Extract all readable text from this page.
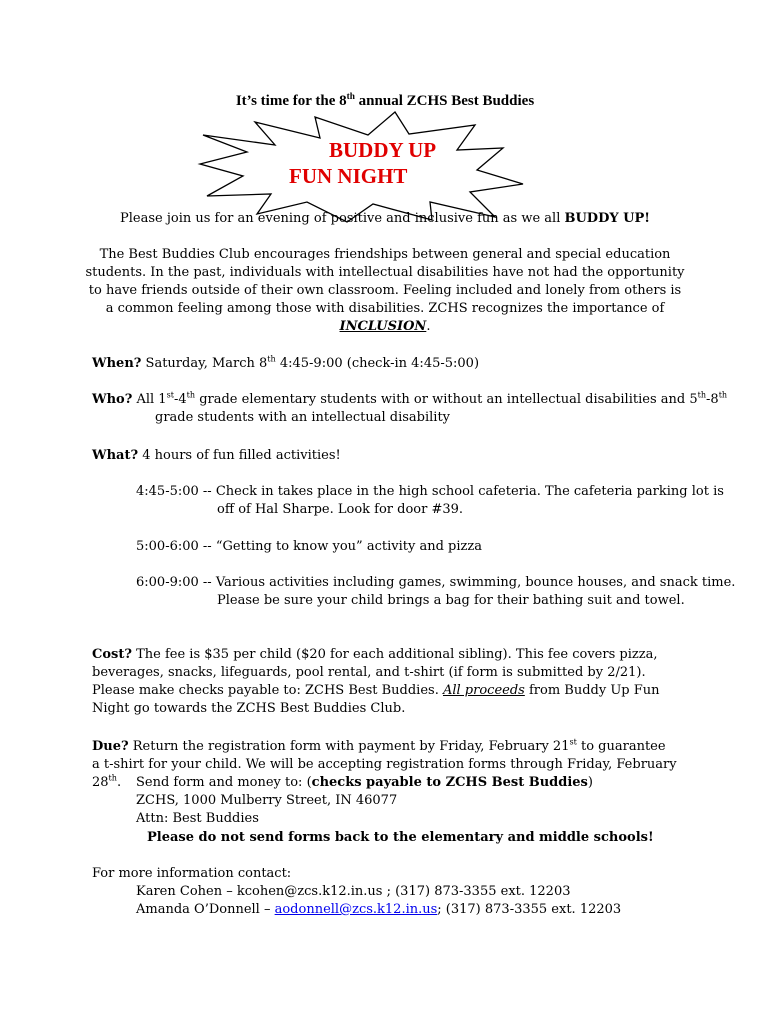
It’s time for the 8th annual ZCHS Best Buddies
BUDDY UP
FUN NIGHT
Please join us for an evening of positive and inclusive fun as we all BUDDY UP!
The Best Buddies Club encourages friendships between general and special education students. In the past, individuals with intellectual disabilities have not had the opportunity to have friends outside of their own classroom. Feeling included and lonely from others is a common feeling among those with disabilities. ZCHS recognizes the importance of INCLUSION.
When? Saturday, March 8th 4:45-9:00 (check-in 4:45-5:00)
Who? All 1st-4th grade elementary students with or without an intellectual disabilities and 5th-8th grade students with an intellectual disability
What? 4 hours of fun filled activities!
4:45-5:00 -- Check in takes place in the high school cafeteria. The cafeteria parking lot is off of Hal Sharpe. Look for door #39.
5:00-6:00 -- “Getting to know you” activity and pizza
6:00-9:00 -- Various activities including games, swimming, bounce houses, and snack time. Please be sure your child brings a bag for their bathing suit and towel.
Cost? The fee is $35 per child ($20 for each additional sibling). This fee covers pizza, beverages, snacks, lifeguards, pool rental, and t-shirt (if form is submitted by 2/21). Please make checks payable to: ZCHS Best Buddies. All proceeds from Buddy Up Fun Night go towards the ZCHS Best Buddies Club.
Due? Return the registration form with payment by Friday, February 21st to guarantee a t-shirt for your child. We will be accepting registration forms through Friday, February 28th.	Send form and money to: (checks payable to ZCHS Best Buddies)
ZCHS, 1000 Mulberry Street, IN 46077
Attn: Best Buddies
Please do not send forms back to the elementary and middle schools!
For more information contact:
Karen Cohen – kcohen@zcs.k12.in.us ; (317) 873-3355 ext. 12203
Amanda O’Donnell – aodonnell@zcs.k12.in.us; (317) 873-3355 ext. 12203
